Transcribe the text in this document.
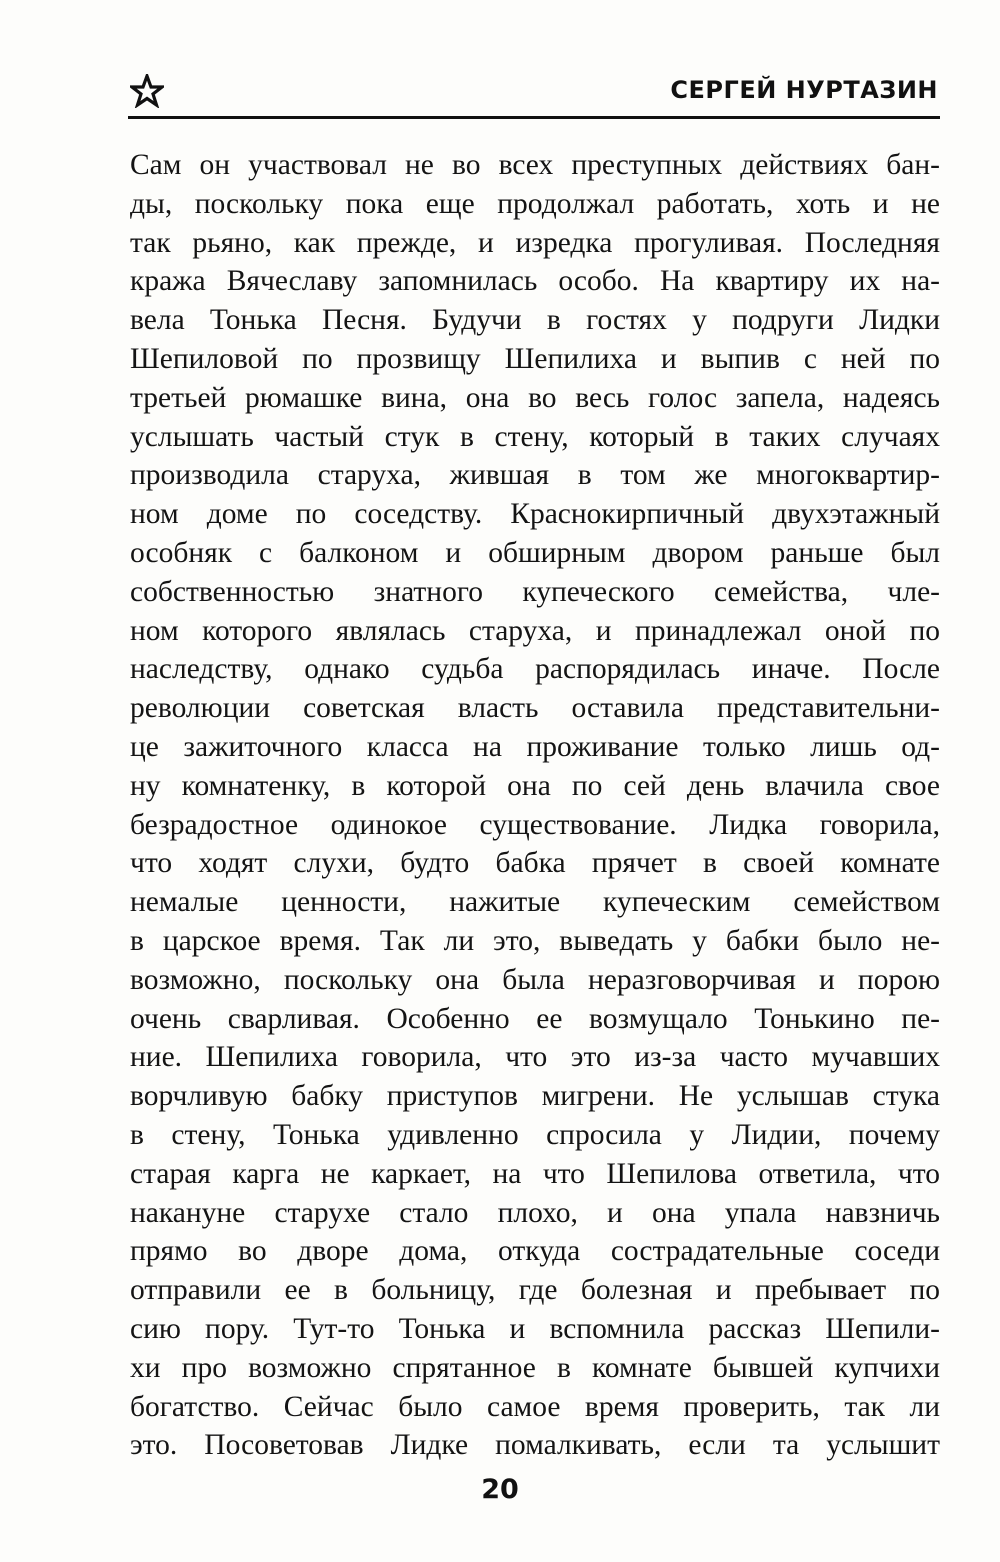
СЕРГЕЙ НУРТАЗИН
Сам он участвовал не во всех преступных действиях бан-
ды, поскольку пока еще продолжал работать, хоть и не
так рьяно, как прежде, и изредка прогуливая. Последняя
кража Вячеславу запомнилась особо. На квартиру их на-
вела Тонька Песня. Будучи в гостях у подруги Лидки
Шепиловой по прозвищу Шепилиха и выпив с ней по
третьей рюмашке вина, она во весь голос запела, надеясь
услышать частый стук в стену, который в таких случаях
производила старуха, жившая в том же многоквартир-
ном доме по соседству. Краснокирпичный двухэтажный
особняк с балконом и обширным двором раньше был
собственностью знатного купеческого семейства, чле-
ном которого являлась старуха, и принадлежал оной по
наследству, однако судьба распорядилась иначе. После
революции советская власть оставила представительни-
це зажиточного класса на проживание только лишь од-
ну комнатенку, в которой она по сей день влачила свое
безрадостное одинокое существование. Лидка говорила,
что ходят слухи, будто бабка прячет в своей комнате
немалые ценности, нажитые купеческим семейством
в царское время. Так ли это, выведать у бабки было не-
возможно, поскольку она была неразговорчивая и порою
очень сварливая. Особенно ее возмущало Тонькино пе-
ние. Шепилиха говорила, что это из-за часто мучавших
ворчливую бабку приступов мигрени. Не услышав стука
в стену, Тонька удивленно спросила у Лидии, почему
старая карга не каркает, на что Шепилова ответила, что
накануне старухе стало плохо, и она упала навзничь
прямо во дворе дома, откуда сострадательные соседи
отправили ее в больницу, где болезная и пребывает по
сию пору. Тут-то Тонька и вспомнила рассказ Шепили-
хи про возможно спрятанное в комнате бывшей купчихи
богатство. Сейчас было самое время проверить, так ли
это. Посоветовав Лидке помалкивать, если та услышит
20
